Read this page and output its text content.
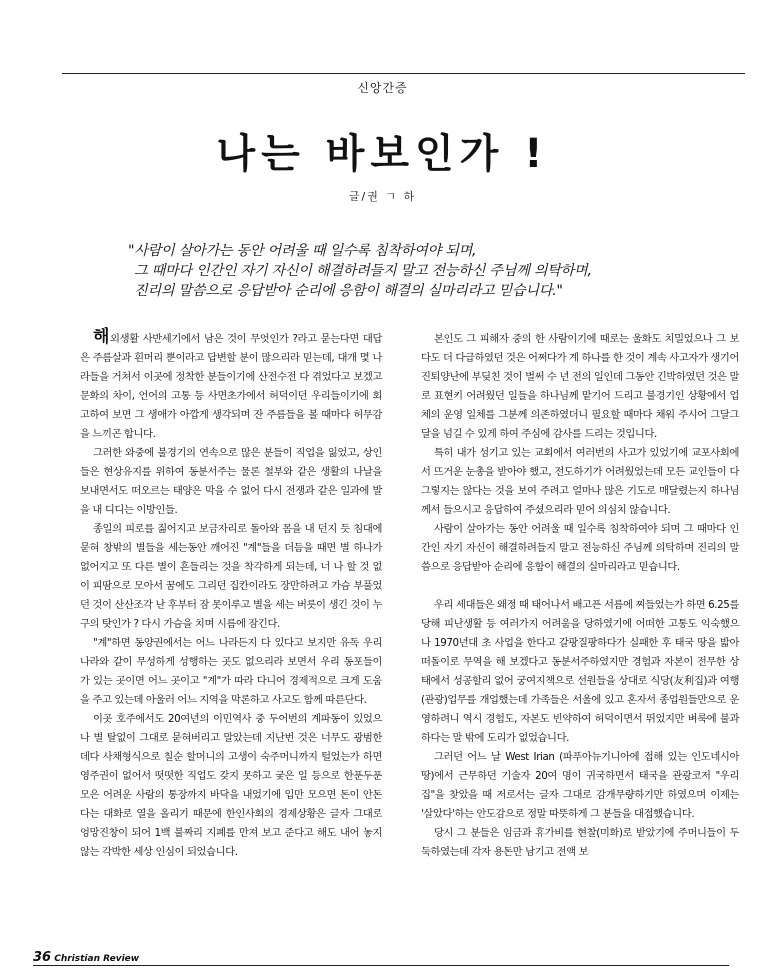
신앙간증
나는 바보인가 !
글/권 ㄱ 하
"사람이 살아가는 동안 어려울 때 일수록 침착하여야 되며,
그 때마다 인간인 자기 자신이 해결하려들지 말고 전능하신 주님께 의탁하며,
진리의 말씀으로 응답받아 순리에 응함이 해결의 실마리라고 믿습니다."

해외생활 사반세기에서 남은 것이 무엇인가 ?라고 묻는다면 대답은 주름살과 흰머리 뿐이라고 답변할 분이 많으리라 믿는데, 대개 몇 나라들을 거쳐서 이곳에 정착한 분들이기에 산전수전 다 겪었다고 보겠고 문화의 차이, 언어의 고통 등 사면초가에서 허덕이던 우리들이기에 회고하여 보면 그 생애가 아깝게 생각되며 잔 주름들을 볼 때마다 허무감을 느끼곤 합니다.

그러한 와중에 불경기의 연속으로 많은 분들이 직업을 잃었고, 상인들은 현상유지를 위하여 동분서주는 물론 철부와 같은 생활의 나날을 보내면서도 떠오르는 태양은 막을 수 없어 다시 전쟁과 같은 일과에 발을 내 디디는 이방인들.

종일의 피로를 짊어지고 보금자리로 돌아와 몸을 내 던지 듯 침대에 묻혀 창밖의 별들을 세는동안 깨어진 "계"들을 더듬을 때면 별 하나가 없어지고 또 다른 별이 흔들리는 것을 착각하게 되는데, 너 나 할 것 없이 피땀으로 모아서 꿈에도 그리던 집칸이라도 장만하려고 가슴 부풀었던 것이 산산조각 난 후부터 잠 못이루고 별을 세는 버릇이 생긴 것이 누구의 탓인가 ? 다시 가슴을 치며 시름에 잠긴다.

"계"하면 동양권에서는 어느 나라든지 다 있다고 보지만 유독 우리나라와 같이 무성하게 성행하는 곳도 없으리라 보면서 우리 동포들이 가 있는 곳이면 어느 곳이고 "계"가 따라 다니어 경제적으로 크게 도움을 주고 있는데 아울러 어느 지역을 막론하고 사고도 함께 따른단다.

이곳 호주에서도 20여년의 이민역사 중 두어번의 계파동이 있었으나 별 탈없이 그대로 묻혀버리고 말았는데 지난번 것은 너무도 광범한데다 사채형식으로 칠순 할머니의 고생이 숙주머니까지 털었는가 하면 영주권이 없어서 떳떳한 직업도 갖지 못하고 궂은 일 등으로 한푼두푼 모은 어려운 사람의 통장까지 바닥을 내었기에 입만 모으면 돈이 안돈다는 대화로 열을 올리기 때문에 한인사회의 경제상황은 글자 그대로 엉망진창이 되어 1백 불짜리 지폐를 만져 보고 준다고 해도 내어 놓지 않는 각박한 세상 인심이 되었습니다.

본인도 그 피해자 중의 한 사람이기에 때로는 울화도 치밀었으나 그 보다도 더 다급하였던 것은 어쩌다가 계 하나를 한 것이 계속 사고자가 생기어 진퇴양난에 부딪친 것이 벌써 수 년 전의 일인데 그동안 긴박하였던 것은 말로 표현키 어려웠던 일들을 하나님께 맡기어 드리고 불경기인 상황에서 업체의 운영 일체를 그분께 의존하였더니 필요할 때마다 채워 주시어 그달그달을 넘길 수 있게 하여 주심에 감사를 드리는 것입니다.

특히 내가 섬기고 있는 교회에서 여러번의 사고가 있었기에 교포사회에서 뜨거운 눈총을 받아야 했고, 전도하기가 어려웠었는데 모든 교인들이 다 그렇지는 않다는 것을 보여 주려고 얼마나 많은 기도로 매달렸는지 하나님께서 들으시고 응답하여 주셨으리라 믿어 의심치 않습니다.

사람이 살아가는 동안 어려울 때 일수록 침착하여야 되며 그 때마다 인간인 자기 자신이 해결하려들지 말고 전능하신 주님께 의탁하며 진리의 말씀으로 응답받아 순리에 응함이 해결의 실마리라고 믿습니다.

우리 세대들은 왜정 때 태어나서 배고픈 서름에 찌들었는가 하면 6.25를 당해 피난생활 등 여러가지 어려움을 당하였기에 어떠한 고통도 익숙했으나 1970년대 초 사업을 한다고 갈팡질팡하다가 실패한 후 태국 땅을 밟아 떠돌이로 무역을 해 보겠다고 동분서주하였지만 경험과 자본이 전무한 상태에서 성공할리 없어 궁여지책으로 선원들을 상대로 식당(友利집)과 여행(관광)업무를 개업했는데 가족들은 서울에 있고 혼자서 종업원들만으로 운영하려니 역시 경험도, 자본도 빈약하여 허덕이면서 뛰었지만 벼룩에 불과하다는 말 밖에 도리가 없었습니다.

그러던 어느 날 West Irian (파푸아뉴기니아에 접해 있는 인도네시아 땅)에서 근무하던 기술자 20여 명이 귀국하면서 태국을 관광코저 "우리집"을 찾았을 때 저로서는 글자 그대로 감개무량하기만 하였으며 이제는 '살았다'하는 안도감으로 정말 따뜻하게 그 분들을 대접했습니다.

당시 그 분들은 임금과 휴가비를 현찰(미화)로 받았기에 주머니들이 두둑하였는데 각자 용돈만 남기고 전액 보

36 Christian Review
